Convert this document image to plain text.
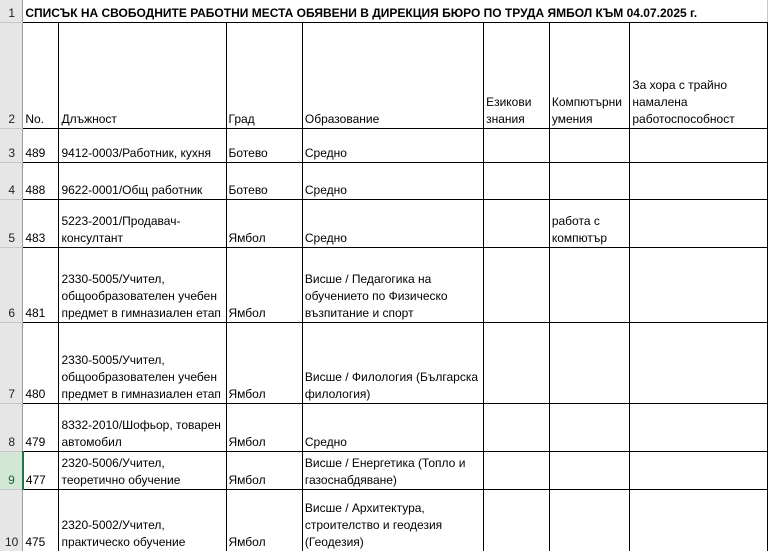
1	СПИСЪК НА СВОБОДНИТЕ РАБОТНИ МЕСТА ОБЯВЕНИ В ДИРЕКЦИЯ БЮРО ПО ТРУДА ЯМБОЛ КЪМ 04.07.2025 г.						
2	No.	Длъжност	Град	Образование	Езикови знания	Компютърни умения	За хора с трайно намалена работоспособност
3	489	9412-0003/Работник, кухня	Ботево	Средно			
4	488	9622-0001/Общ работник	Ботево	Средно			
5	483	5223-2001/Продавач-консултант	Ямбол	Средно		работа с компютър	
6	481	2330-5005/Учител, общообразователен учебен предмет в гимназиален етап	Ямбол	Висше / Педагогика на обучението по Физическо възпитание и спорт			
7	480	2330-5005/Учител, общообразователен учебен предмет в гимназиален етап	Ямбол	Висше / Филология (Българска филология)			
8	479	8332-2010/Шофьор, товарен автомобил	Ямбол	Средно			
9	477	2320-5006/Учител, теоретично обучение	Ямбол	Висше / Енергетика (Топло и газоснабдяване)			
10	475	2320-5002/Учител, практическо обучение	Ямбол	Висше / Архитектура, строителство и геодезия (Геодезия)			
